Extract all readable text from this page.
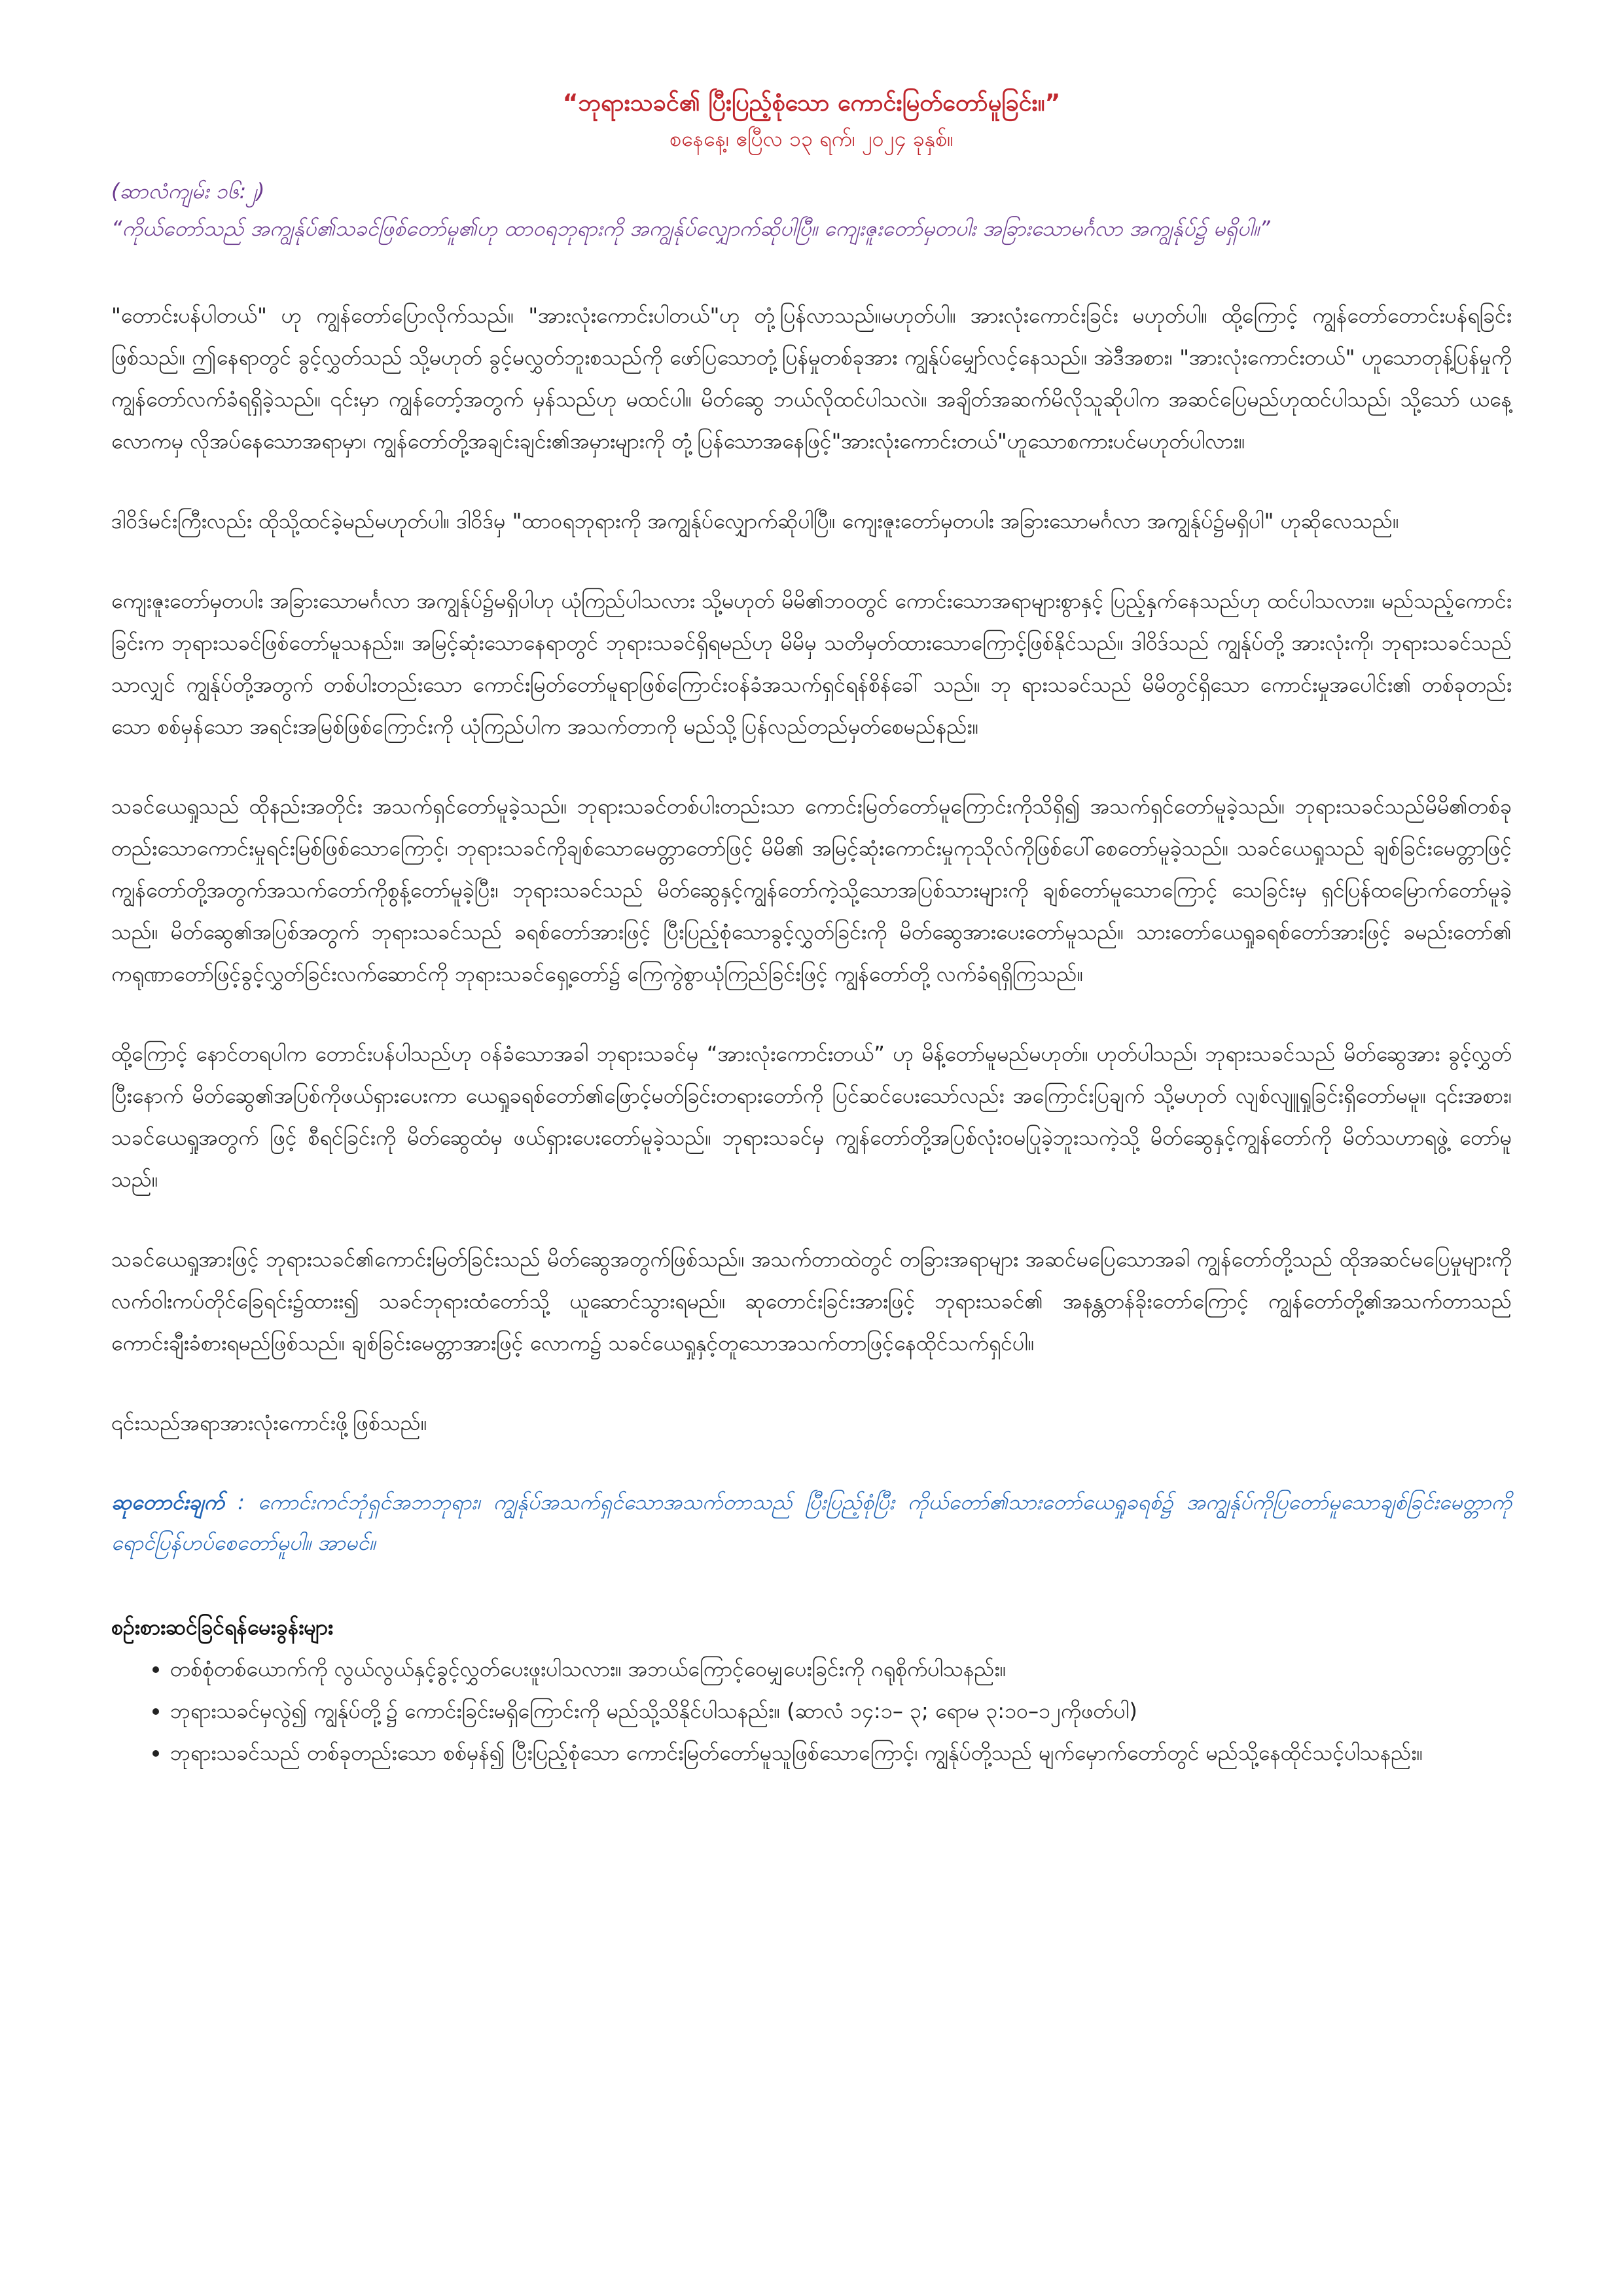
“ဘုရားသခင်၏ ပြီးပြည့်စုံသော ကောင်းမြတ်တော်မူခြင်း။”

စနေနေ့၊ ဧပြီလ ၁၃ ရက်၊ ၂၀၂၄ ခုနှစ်။

(ဆာလံကျမ်း ၁၆:၂)

“ကိုယ်တော်သည် အကျွန်ုပ်၏သခင်ဖြစ်တော်မူ၏ဟု ထာဝရဘုရားကို အကျွန်ုပ်လျှောက်ဆိုပါပြီ။ ကျေးဇူးတော်မှတပါး အခြားသောမင်္ဂလာ အကျွန်ုပ်၌ မရှိပါ။”

"တောင်းပန်ပါတယ်" ဟု ကျွန်တော်ပြောလိုက်သည်။ "အားလုံးကောင်းပါတယ်"ဟု တုံ့ပြန်လာသည်။မဟုတ်ပါ။ အားလုံးကောင်းခြင်း မဟုတ်ပါ။ ထို့ကြောင့် ကျွန်တော်တောင်းပန်ရခြင်းဖြစ်သည်။ ဤနေရာတွင် ခွင့်လွှတ်သည် သို့မဟုတ် ခွင့်မလွှတ်ဘူးစသည်ကို ဖော်ပြသောတုံ့ပြန်မှုတစ်ခုအား ကျွန်ုပ်မျှော်လင့်နေသည်။ အဲဒီအစား၊ "အားလုံးကောင်းတယ်" ဟူသောတုန့်ပြန်မှုကို ကျွန်တော်လက်ခံရရှိခဲ့သည်။ ၎င်းမှာ ကျွန်တော့်အတွက် မှန်သည်ဟု မထင်ပါ။ မိတ်ဆွေ ဘယ်လိုထင်ပါသလဲ။ အချိတ်အဆက်မိလိုသူဆိုပါက အဆင်ပြေမည်ဟုထင်ပါသည်၊ သို့သော် ယနေ့လောကမှ လိုအပ်နေသောအရာမှာ၊ ကျွန်တော်တို့အချင်းချင်း၏အမှားများကို တုံ့ပြန်သောအနေဖြင့်"အားလုံးကောင်းတယ်"ဟူသောစကားပင်မဟုတ်ပါလား။

ဒါဝိဒ်မင်းကြီးလည်း ထိုသို့ထင်ခဲ့မည်မဟုတ်ပါ။ ဒါဝိဒ်မှ "ထာဝရဘုရားကို အကျွန်ုပ်လျှောက်ဆိုပါပြီ။ ကျေးဇူးတော်မှတပါး အခြားသောမင်္ဂလာ အကျွန်ုပ်၌မရှိပါ" ဟုဆိုလေသည်။

ကျေးဇူးတော်မှတပါး အခြားသောမင်္ဂလာ အကျွန်ုပ်၌မရှိပါဟု ယုံကြည်ပါသလား သို့မဟုတ် မိမိ၏ဘဝတွင် ကောင်းသောအရာများစွာနှင့် ပြည့်နှက်နေသည်ဟု ထင်ပါသလား။ မည်သည့်ကောင်းခြင်းက ဘုရားသခင်ဖြစ်တော်မူသနည်း။ အမြင့်ဆုံးသောနေရာတွင် ဘုရားသခင်ရှိရမည်ဟု မိမိမှ သတိမှတ်ထားသောကြောင့်ဖြစ်နိုင်သည်။ ဒါဝိဒ်သည် ကျွန်ုပ်တို့ အားလုံးကို၊ ဘုရားသခင်သည်သာလျှင် ကျွန်ုပ်တို့အတွက် တစ်ပါးတည်းသော ကောင်းမြတ်တော်မူရာဖြစ်ကြောင်းဝန်ခံအသက်ရှင်ရန်စိန်ခေါ် သည်။ ဘု ရားသခင်သည် မိမိတွင်ရှိသော ကောင်းမှုအပေါင်း၏ တစ်ခုတည်းသော စစ်မှန်သော အရင်းအမြစ်ဖြစ်ကြောင်းကို ယုံကြည်ပါက အသက်တာကို မည်သို့ပြန်လည်တည်မှတ်စေမည်နည်း။

သခင်ယေရှုသည် ထိုနည်းအတိုင်း အသက်ရှင်တော်မူခဲ့သည်။ ဘုရားသခင်တစ်ပါးတည်းသာ ကောင်းမြတ်တော်မူကြောင်းကိုသိရှိ၍ အသက်ရှင်တော်မူခဲ့သည်။ ဘုရားသခင်သည်မိမိ၏တစ်ခုတည်းသောကောင်းမှုရင်းမြစ်ဖြစ်သောကြောင့်၊ ဘုရားသခင်ကိုချစ်သောမေတ္တာတော်ဖြင့် မိမိ၏ အမြင့်ဆုံးကောင်းမှုကုသိုလ်ကိုဖြစ်ပေါ်စေတော်မူခဲ့သည်။ သခင်ယေရှုသည် ချစ်ခြင်းမေတ္တာဖြင့် ကျွန်တော်တို့အတွက်အသက်တော်ကိုစွန့်တော်မူခဲ့ပြီး၊ ဘုရားသခင်သည် မိတ်ဆွေနှင့်ကျွန်တော်ကဲ့သို့သောအပြစ်သားများကို ချစ်တော်မူသောကြောင့် သေခြင်းမှ ရှင်ပြန်ထမြောက်တော်မူခဲ့သည်။ မိတ်ဆွေ၏အပြစ်အတွက် ဘုရားသခင်သည် ခရစ်တော်အားဖြင့် ပြီးပြည့်စုံသောခွင့်လွှတ်ခြင်းကို မိတ်ဆွေအားပေးတော်မူသည်။ သားတော်ယေရှုခရစ်တော်အားဖြင့် ခမည်းတော်၏ ကရုဏာတော်ဖြင့်ခွင့်လွှတ်ခြင်းလက်ဆောင်ကို ဘုရားသခင်ရှေ့တော်၌ ကြေကွဲစွာယုံကြည်ခြင်းဖြင့် ကျွန်တော်တို့ လက်ခံရရှိကြသည်။

ထို့ကြောင့် နောင်တရပါက တောင်းပန်ပါသည်ဟု ဝန်ခံသောအခါ ဘုရားသခင်မှ “အားလုံးကောင်းတယ်” ဟု မိန့်တော်မူမည်မဟုတ်။ ဟုတ်ပါသည်၊ ဘုရားသခင်သည် မိတ်ဆွေအား ခွင့်လွှတ်ပြီးနောက် မိတ်ဆွေ၏အပြစ်ကိုဖယ်ရှားပေးကာ ယေရှုခရစ်တော်၏ဖြောင့်မတ်ခြင်းတရားတော်ကို ပြင်ဆင်ပေးသော်လည်း အကြောင်းပြချက် သို့မဟုတ် လျစ်လျူရှုခြင်းရှိတော်မမူ။ ၎င်းအစား၊ သခင်ယေရှုအတွက် ဖြင့် စီရင်ခြင်းကို မိတ်ဆွေထံမှ ဖယ်ရှားပေးတော်မူခဲ့သည်။ ဘုရားသခင်မှ ကျွန်တော်တို့အပြစ်လုံးဝမပြုခဲ့ဘူးသကဲ့သို့ မိတ်ဆွေနှင့်ကျွန်တော်ကို မိတ်သဟာရဖွဲ့ တော်မူသည်။

သခင်ယေရှုအားဖြင့် ဘုရားသခင်၏ကောင်းမြတ်ခြင်းသည် မိတ်ဆွေအတွက်ဖြစ်သည်။ အသက်တာထဲတွင် တခြားအရာများ အဆင်မပြေသောအခါ ကျွန်တော်တို့သည် ထိုအဆင်မပြေမှုများကို လက်ဝါးကပ်တိုင်ခြေရင်း၌ထားး၍ သခင်ဘုရားထံတော်သို့ ယူဆောင်သွားရမည်။ ဆုတောင်းခြင်းအားဖြင့် ဘုရားသခင်၏ အနန္တတန်ခိုးတော်ကြောင့် ကျွန်တော်တို့၏အသက်တာသည် ကောင်းချီးခံစားရမည်ဖြစ်သည်။ ချစ်ခြင်းမေတ္တာအားဖြင့် လောက၌ သခင်ယေရှုနှင့်တူသောအသက်တာဖြင့်နေထိုင်သက်ရှင်ပါ။

၎င်းသည်အရာအားလုံးကောင်းဖို့ဖြစ်သည်။

ဆုတောင်းချက် : ကောင်းကင်ဘုံရှင်အဘဘုရား၊ ကျွန်ုပ်အသက်ရှင်သောအသက်တာသည် ပြီးပြည့်စုံပြီး ကိုယ်တော်၏သားတော်ယေရှုခရစ်၌ အကျွန်ုပ်ကိုပြတော်မူသောချစ်ခြင်းမေတ္တာကို ရောင်ပြန်ဟပ်စေတော်မူပါ။ အာမင်။

စဉ်းစားဆင်ခြင်ရန်မေးခွန်းများ

• တစ်စုံတစ်ယောက်ကို လွယ်လွယ်နှင့်ခွင့်လွှတ်ပေးဖူးပါသလား။ အဘယ်ကြောင့်ဝေမျှပေးခြင်းကို ဂရုစိုက်ပါသနည်း။
• ဘုရားသခင်မှလွဲ၍ ကျွန်ုပ်တို့၌ ကောင်းခြင်းမရှိကြောင်းကို မည်သို့သိနိုင်ပါသနည်း။ (ဆာလံ ၁၄:၁– ၃; ရောမ ၃:၁၀–၁၂ကိုဖတ်ပါ)
• ဘုရားသခင်သည် တစ်ခုတည်းသော စစ်မှန်၍ ပြီးပြည့်စုံသော ကောင်းမြတ်တော်မူသူဖြစ်သောကြောင့်၊ ကျွန်ုပ်တို့သည် မျက်မှောက်တော်တွင် မည်သို့နေထိုင်သင့်ပါသနည်း။
